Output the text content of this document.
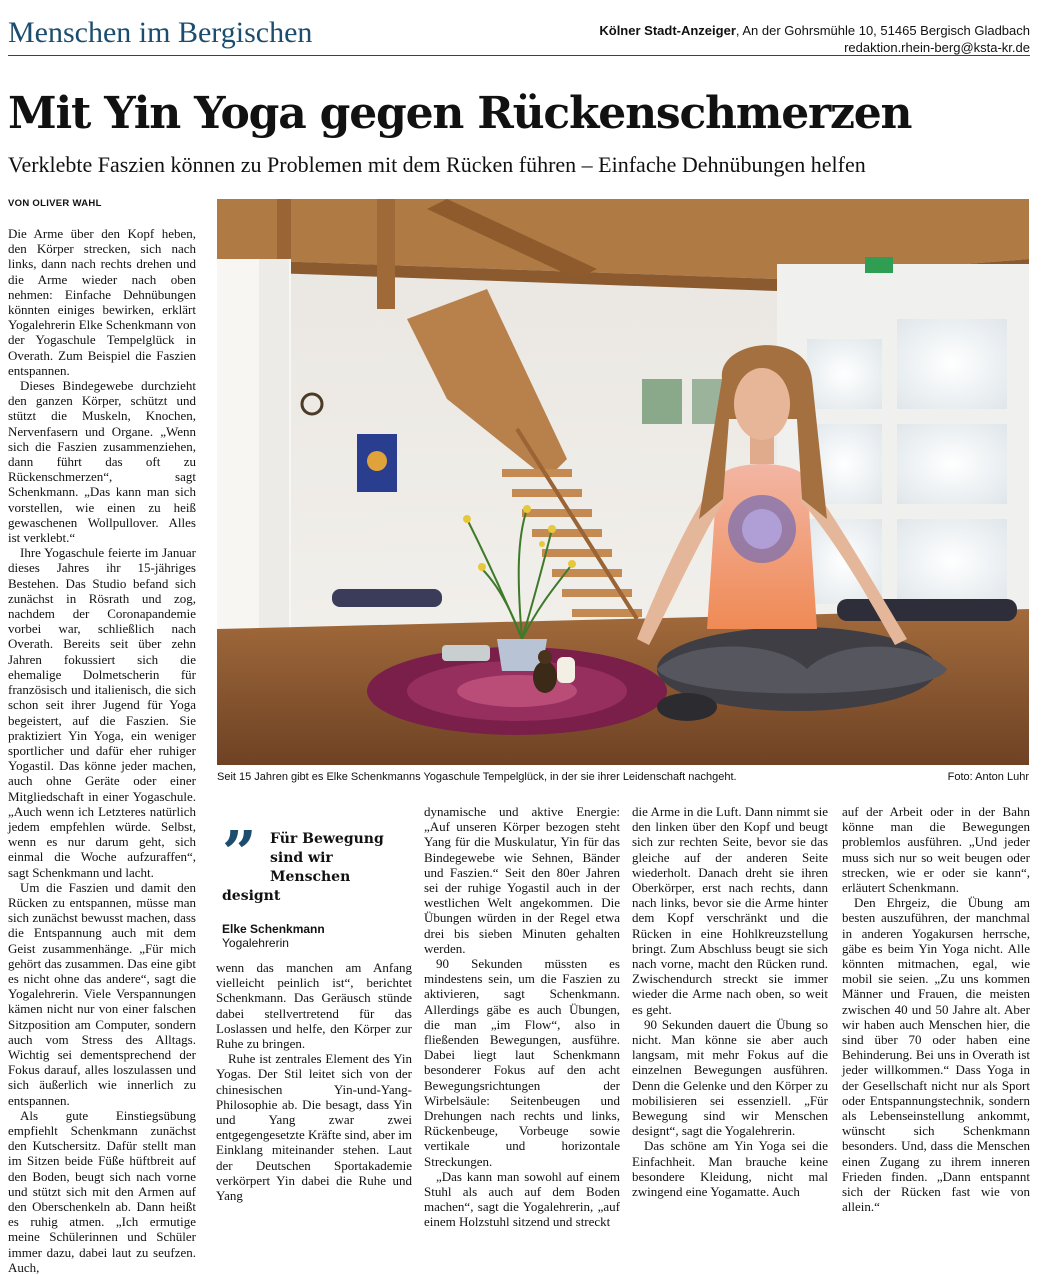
Menschen im Bergischen	Kölner Stadt-Anzeiger, An der Gohrsmühle 10, 51465 Bergisch Gladbach
redaktion.rhein-berg@ksta-kr.de
Mit Yin Yoga gegen Rückenschmerzen
Verklebte Faszien können zu Problemen mit dem Rücken führen – Einfache Dehnübungen helfen
VON OLIVER WAHL

Die Arme über den Kopf heben, den Körper strecken, sich nach links, dann nach rechts drehen und die Arme wieder nach oben nehmen: Einfache Dehnübungen könnten einiges bewirken, erklärt Yogalehrerin Elke Schenkmann von der Yogaschule Tempelglück in Overath. Zum Beispiel die Faszien entspannen.

Dieses Bindegewebe durchzieht den ganzen Körper, schützt und stützt die Muskeln, Knochen, Nervenfasern und Organe. „Wenn sich die Faszien zusammenziehen, dann führt das oft zu Rückenschmerzen“, sagt Schenkmann. „Das kann man sich vorstellen, wie einen zu heiß gewaschenen Wollpullover. Alles ist verklebt.“

Ihre Yogaschule feierte im Januar dieses Jahres ihr 15-jähriges Bestehen. Das Studio befand sich zunächst in Rösrath und zog, nachdem der Coronapandemie vorbei war, schließlich nach Overath. Bereits seit über zehn Jahren fokussiert sich die ehemalige Dolmetscherin für französisch und italienisch, die sich schon seit ihrer Jugend für Yoga begeistert, auf die Faszien. Sie praktiziert Yin Yoga, ein weniger sportlicher und dafür eher ruhiger Yogastil. Das könne jeder machen, auch ohne Geräte oder einer Mitgliedschaft in einer Yogaschule. „Auch wenn ich Letzteres natürlich jedem empfehlen würde. Selbst, wenn es nur darum geht, sich einmal die Woche aufzuraffen“, sagt Schenkmann und lacht.

Um die Faszien und damit den Rücken zu entspannen, müsse man sich zunächst bewusst machen, dass die Entspannung auch mit dem Geist zusammenhänge. „Für mich gehört das zusammen. Das eine gibt es nicht ohne das andere“, sagt die Yogalehrerin. Viele Verspannungen kämen nicht nur von einer falschen Sitzposition am Computer, sondern auch vom Stress des Alltags. Wichtig sei dementsprechend der Fokus darauf, alles loszulassen und sich äußerlich wie innerlich zu entspannen.

Als gute Einstiegsübung empfiehlt Schenkmann zunächst den Kutschersitz. Dafür stellt man im Sitzen beide Füße hüftbreit auf den Boden, beugt sich nach vorne und stützt sich mit den Armen auf den Oberschenkeln ab. Dann heißt es ruhig atmen. „Ich ermutige meine Schülerinnen und Schüler immer dazu, dabei laut zu seufzen. Auch,

Seit 15 Jahren gibt es Elke Schenkmanns Yogaschule Tempelglück, in der sie ihrer Leidenschaft nachgeht.	Foto: Anton Luhr
” Für Bewegung sind wir Menschen
designt
Elke Schenkmann
Yogalehrerin

wenn das manchen am Anfang vielleicht peinlich ist“, berichtet Schenkmann. Das Geräusch stünde dabei stellvertretend für das Loslassen und helfe, den Körper zur Ruhe zu bringen.

Ruhe ist zentrales Element des Yin Yogas. Der Stil leitet sich von der chinesischen Yin-und-Yang-Philosophie ab. Die besagt, dass Yin und Yang zwar zwei entgegengesetzte Kräfte sind, aber im Einklang miteinander stehen. Laut der Deutschen Sportakademie verkörpert Yin dabei die Ruhe und Yang

dynamische und aktive Energie: „Auf unseren Körper bezogen steht Yang für die Muskulatur, Yin für das Bindegewebe wie Sehnen, Bänder und Faszien.“ Seit den 80er Jahren sei der ruhige Yogastil auch in der westlichen Welt angekommen. Die Übungen würden in der Regel etwa drei bis sieben Minuten gehalten werden.

90 Sekunden müssten es mindestens sein, um die Faszien zu aktivieren, sagt Schenkmann. Allerdings gäbe es auch Übungen, die man „im Flow“, also in fließenden Bewegungen, ausführe. Dabei liegt laut Schenkmann besonderer Fokus auf den acht Bewegungsrichtungen der Wirbelsäule: Seitenbeugen und Drehungen nach rechts und links, Rückenbeuge, Vorbeuge sowie vertikale und horizontale Streckungen.

„Das kann man sowohl auf einem Stuhl als auch auf dem Boden machen“, sagt die Yogalehrerin, „auf einem Holzstuhl sitzend und streckt

die Arme in die Luft. Dann nimmt sie den linken über den Kopf und beugt sich zur rechten Seite, bevor sie das gleiche auf der anderen Seite wiederholt. Danach dreht sie ihren Oberkörper, erst nach rechts, dann nach links, bevor sie die Arme hinter dem Kopf verschränkt und die Rücken in eine Hohlkreuzstellung bringt. Zum Abschluss beugt sie sich nach vorne, macht den Rücken rund. Zwischendurch streckt sie immer wieder die Arme nach oben, so weit es geht.

90 Sekunden dauert die Übung so nicht. Man könne sie aber auch langsam, mit mehr Fokus auf die einzelnen Bewegungen ausführen. Denn die Gelenke und den Körper zu mobilisieren sei essenziell. „Für Bewegung sind wir Menschen designt“, sagt die Yogalehrerin.

Das schöne am Yin Yoga sei die Einfachheit. Man brauche keine besondere Kleidung, nicht mal zwingend eine Yogamatte. Auch

auf der Arbeit oder in der Bahn könne man die Bewegungen problemlos ausführen. „Und jeder muss sich nur so weit beugen oder strecken, wie er oder sie kann“, erläutert Schenkmann.

Den Ehrgeiz, die Übung am besten auszuführen, der manchmal in anderen Yogakursen herrsche, gäbe es beim Yin Yoga nicht. Alle könnten mitmachen, egal, wie mobil sie seien. „Zu uns kommen Männer und Frauen, die meisten zwischen 40 und 50 Jahre alt. Aber wir haben auch Menschen hier, die sind über 70 oder haben eine Behinderung. Bei uns in Overath ist jeder willkommen.“ Dass Yoga in der Gesellschaft nicht nur als Sport oder Entspannungstechnik, sondern als Lebenseinstellung ankommt, wünscht sich Schenkmann besonders. Und, dass die Menschen einen Zugang zu ihrem inneren Frieden finden. „Dann entspannt sich der Rücken fast wie von allein.“
